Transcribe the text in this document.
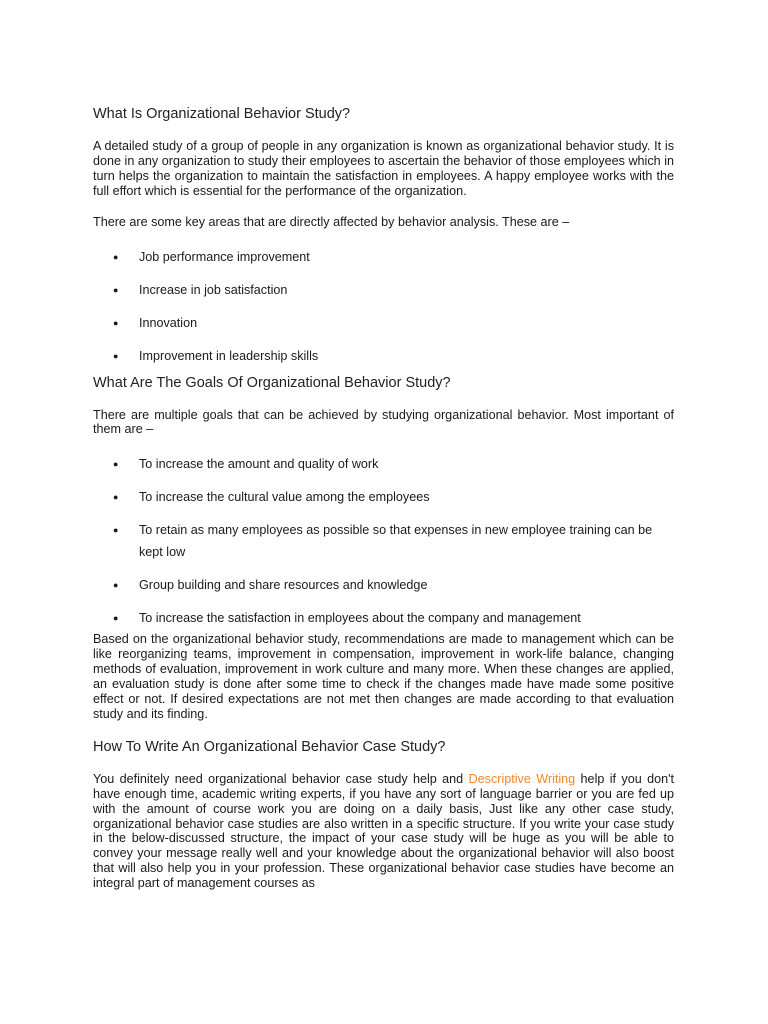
What Is Organizational Behavior Study?

A detailed study of a group of people in any organization is known as organizational behavior study. It is done in any organization to study their employees to ascertain the behavior of those employees which in turn helps the organization to maintain the satisfaction in employees. A happy employee works with the full effort which is essential for the performance of the organization.

There are some key areas that are directly affected by behavior analysis. These are –

● Job performance improvement
● Increase in job satisfaction
● Innovation
● Improvement in leadership skills
What Are The Goals Of Organizational Behavior Study?

There are multiple goals that can be achieved by studying organizational behavior. Most important of them are –

● To increase the amount and quality of work
● To increase the cultural value among the employees
● To retain as many employees as possible so that expenses in new employee training can be kept low
● Group building and share resources and knowledge
● To increase the satisfaction in employees about the company and management

Based on the organizational behavior study, recommendations are made to management which can be like reorganizing teams, improvement in compensation, improvement in work-life balance, changing methods of evaluation, improvement in work culture and many more. When these changes are applied, an evaluation study is done after some time to check if the changes made have made some positive effect or not. If desired expectations are not met then changes are made according to that evaluation study and its finding.

How To Write An Organizational Behavior Case Study?

You definitely need organizational behavior case study help and Descriptive Writing help if you don't have enough time, academic writing experts, if you have any sort of language barrier or you are fed up with the amount of course work you are doing on a daily basis, Just like any other case study, organizational behavior case studies are also written in a specific structure. If you write your case study in the below-discussed structure, the impact of your case study will be huge as you will be able to convey your message really well and your knowledge about the organizational behavior will also boost that will also help you in your profession. These organizational behavior case studies have become an integral part of management courses as
